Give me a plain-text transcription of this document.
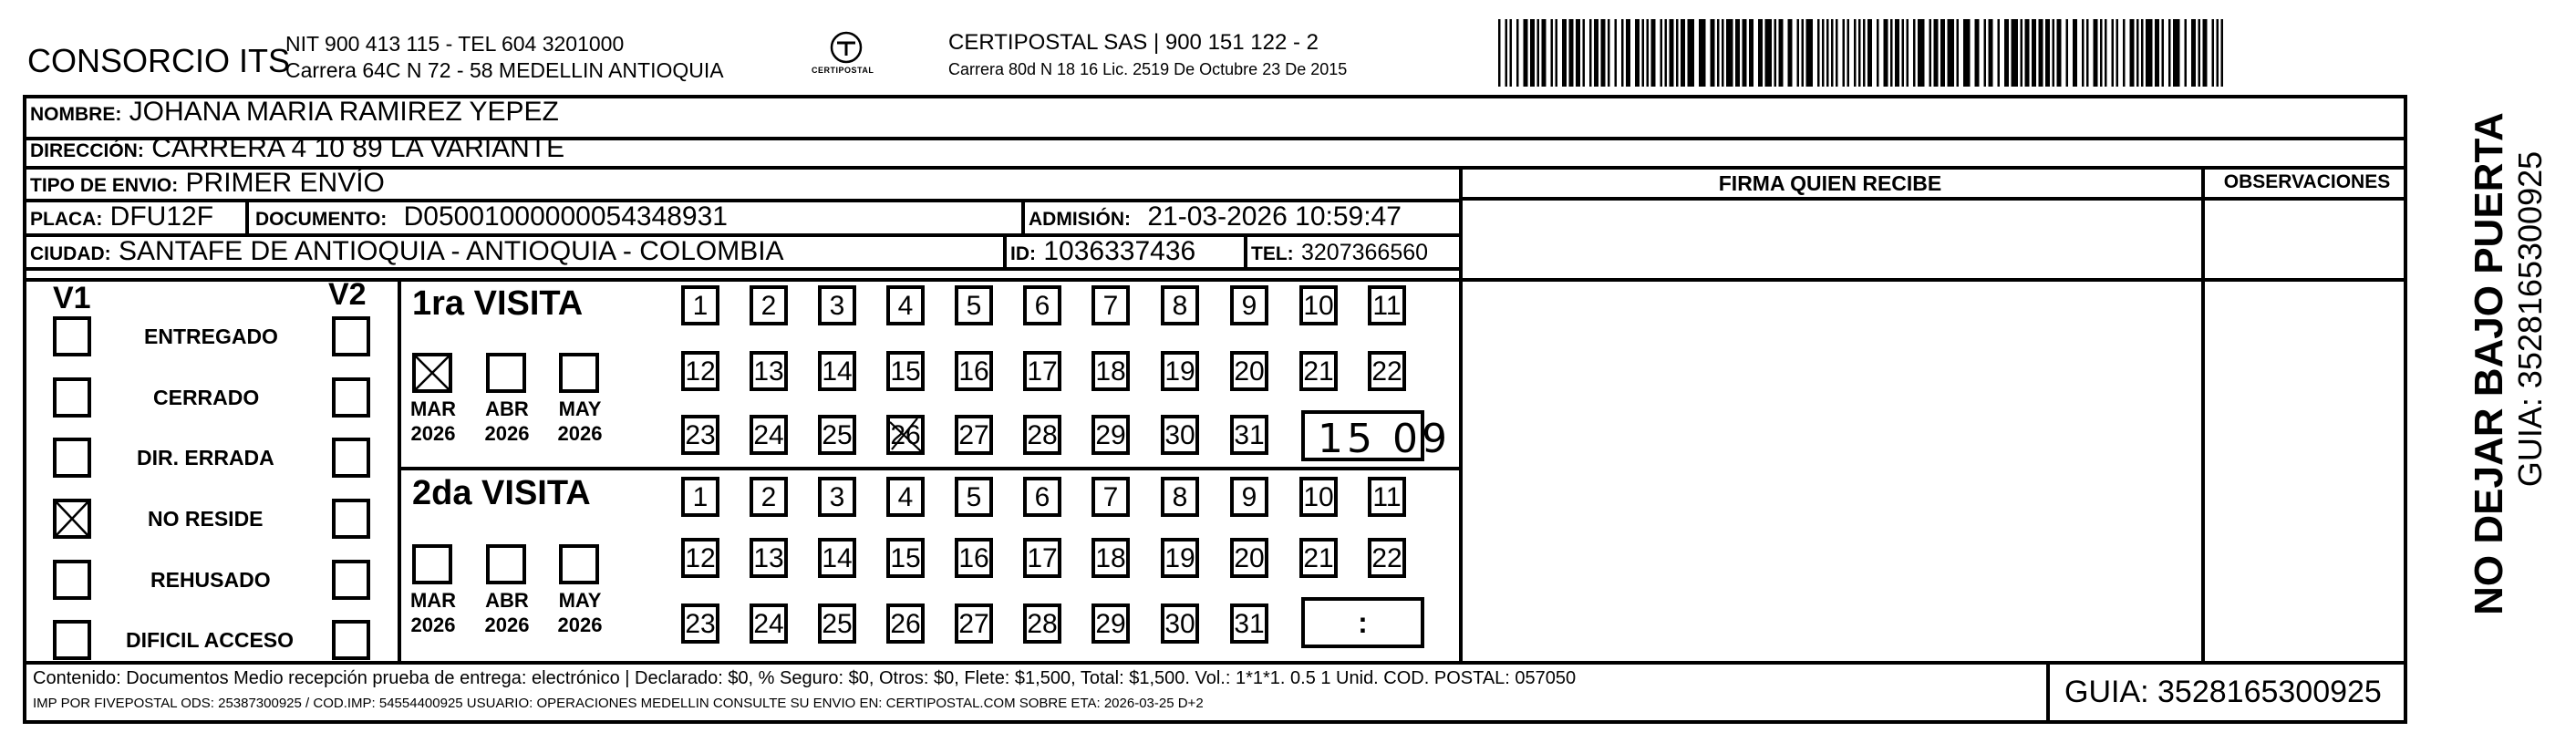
CONSORCIO ITS
NIT 900 413 115 - TEL 604 3201000
Carrera 64C N 72 - 58 MEDELLIN ANTIOQUIA	CERTIPOSTAL
CERTIPOSTAL SAS | 900 151 122 - 2
Carrera 80d N 18 16 Lic. 2519 De Octubre 23 De 2015
NOMBRE: JOHANA MARIA RAMIREZ YEPEZ
DIRECCIÓN: CARRERA 4 10 89 LA VARIANTE
TIPO DE ENVIO: PRIMER ENVÍO
PLACA: DFU12F DOCUMENTO: D05001000000054348931	ADMISIÓN: 21-03-2026 10:59:47
CIUDAD: SANTAFE DE ANTIOQUIA - ANTIOQUIA - COLOMBIA	ID: 1036337436	TEL: 3207366560
FIRMA QUIEN RECIBE	OBSERVACIONES
V1	V2
ENTREGADO
CERRADO
DIR. ERRADA
NO RESIDE
REHUSADO
DIFICIL ACCESO
1ra VISITA
2da VISITA
MAR
2026
ABR
2026
MAY
2026
MAR
2026
ABR
2026
MAY
2026
1	2	3	4	5	6	7	8	9	10 11
12 13 14 15 16 17 18 19 20 21 22
23 24 25 26 27 28 29 30 31
1	2	3	4	5	6	7	8	9	10 11
12 13 14 15 16 17 18 19 20 21 22
23 24 25 26 27 28 29 30 31
15 09
:
NO DEJAR BAJO PUERTA GUIA: 3528165300925
Contenido: Documentos Medio recepción prueba de entrega: electrónico | Declarado: $0, % Seguro: $0, Otros: $0, Flete: $1,500, Total: $1,500. Vol.: 1*1*1. 0.5 1 Unid. COD. POSTAL: 057050
IMP POR FIVEPOSTAL ODS: 25387300925 / COD.IMP: 54554400925 USUARIO: OPERACIONES MEDELLIN CONSULTE SU ENVIO EN: CERTIPOSTAL.COM SOBRE ETA: 2026-03-25 D+2	GUIA: 3528165300925
